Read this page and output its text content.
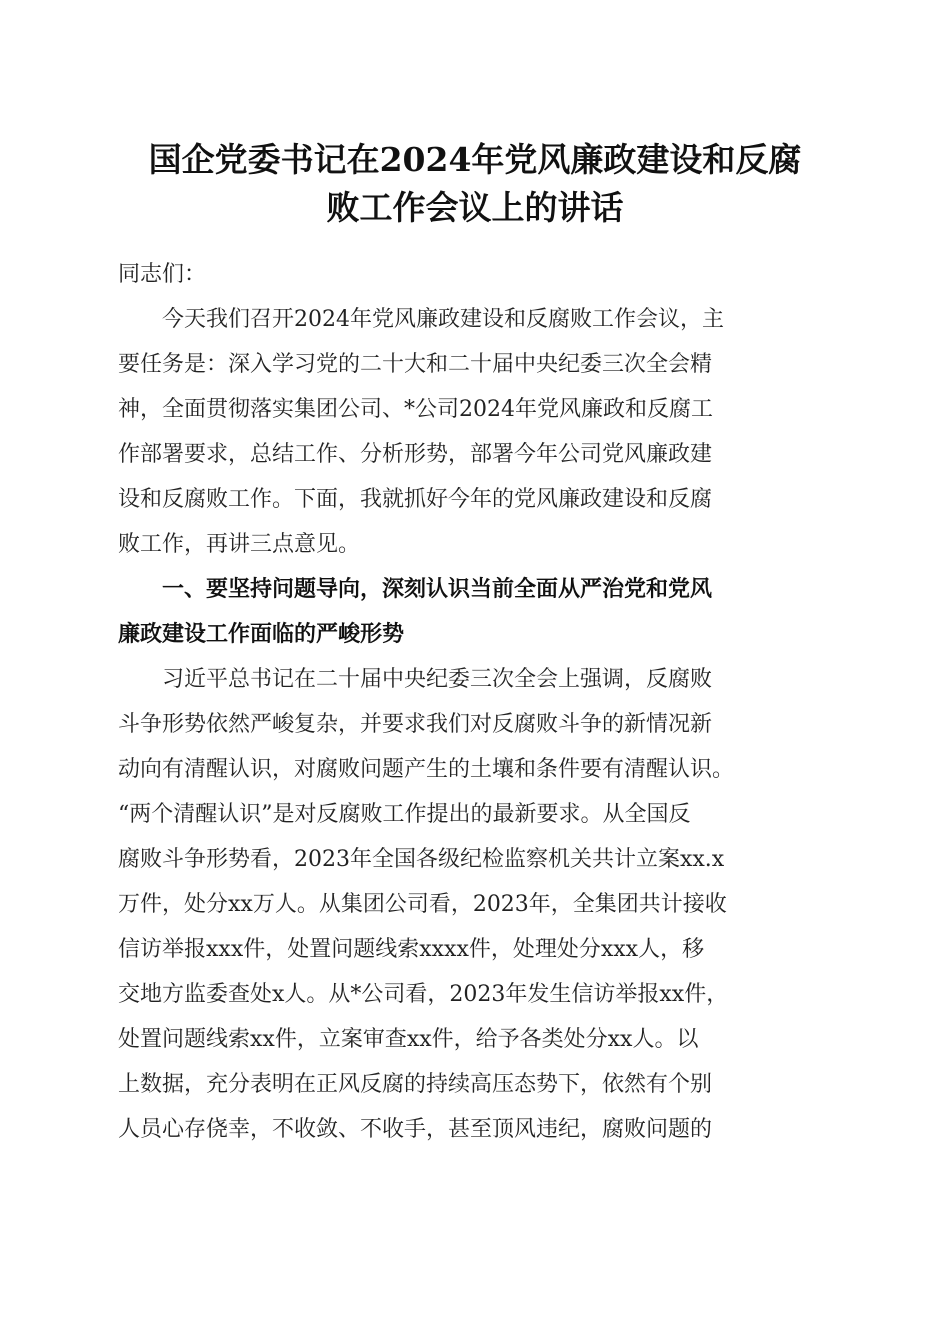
国企党委书记在2024年党风廉政建设和反腐
败工作会议上的讲话
同志们：
　　今天我们召开2024年党风廉政建设和反腐败工作会议，主
要任务是：深入学习党的二十大和二十届中央纪委三次全会精
神，全面贯彻落实集团公司、*公司2024年党风廉政和反腐工
作部署要求，总结工作、分析形势，部署今年公司党风廉政建
设和反腐败工作。下面，我就抓好今年的党风廉政建设和反腐
败工作，再讲三点意见。
　　一、要坚持问题导向，深刻认识当前全面从严治党和党风
廉政建设工作面临的严峻形势
　　习近平总书记在二十届中央纪委三次全会上强调，反腐败
斗争形势依然严峻复杂，并要求我们对反腐败斗争的新情况新
动向有清醒认识，对腐败问题产生的土壤和条件要有清醒认识。
“两个清醒认识”是对反腐败工作提出的最新要求。从全国反
腐败斗争形势看，2023年全国各级纪检监察机关共计立案xx.x
万件，处分xx万人。从集团公司看，2023年，全集团共计接收
信访举报xxx件，处置问题线索xxxx件，处理处分xxx人，移
交地方监委查处x人。从*公司看，2023年发生信访举报xx件，
处置问题线索xx件，立案审查xx件，给予各类处分xx人。以
上数据，充分表明在正风反腐的持续高压态势下，依然有个别
人员心存侥幸，不收敛、不收手，甚至顶风违纪，腐败问题的
